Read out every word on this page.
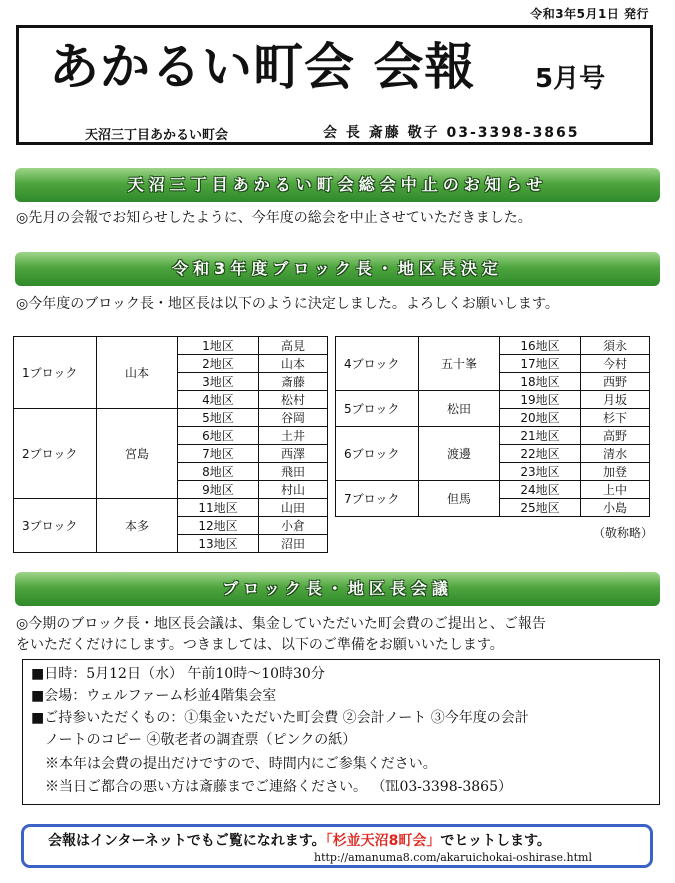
令和3年5月1日 発行
あかるい町会 会報 5月号
天沼三丁目あかるい町会	会 長 斎藤 敬子 03-3398-3865
天沼三丁目あかるい町会総会中止のお知らせ
◎先月の会報でお知らせしたように、今年度の総会を中止させていただきました。
令和3年度ブロック長・地区長決定
◎今年度のブロック長・地区長は以下のように決定しました。よろしくお願いします。
1ブロック	山本	1地区	高見
		2地区	山本
		3地区	斎藤
		4地区	松村
2ブロック	宮島	5地区	谷岡
		6地区	土井
		7地区	西澤
		8地区	飛田
		9地区	村山
3ブロック	本多	11地区	山田
		12地区	小倉
		13地区	沼田
4ブロック	五十峯	16地区	須永
		17地区	今村
		18地区	西野
5ブロック	松田	19地区	月坂
		20地区	杉下
6ブロック	渡邊	21地区	高野
		22地区	清水
		23地区	加登
7ブロック	但馬	24地区	上中
		25地区	小島
（敬称略）
ブロック長・地区長会議
◎今期のブロック長・地区長会議は、集金していただいた町会費のご提出と、ご報告
をいただくだけにします。つきましては、以下のご準備をお願いいたします。
■日時：5月12日（水） 午前10時～10時30分
■会場：ウェルファーム杉並4階集会室
■ご持参いただくもの：①集金いただいた町会費 ②会計ノート ③今年度の会計
　ノートのコピー ④敬老者の調査票（ピンクの紙）
　※本年は会費の提出だけですので、時間内にご参集ください。
　※当日ご都合の悪い方は斎藤までご連絡ください。 （℡03-3398-3865）
会報はインターネットでもご覧になれます。「杉並天沼8町会」でヒットします。
http://amanuma8.com/akaruichokai-oshirase.html
